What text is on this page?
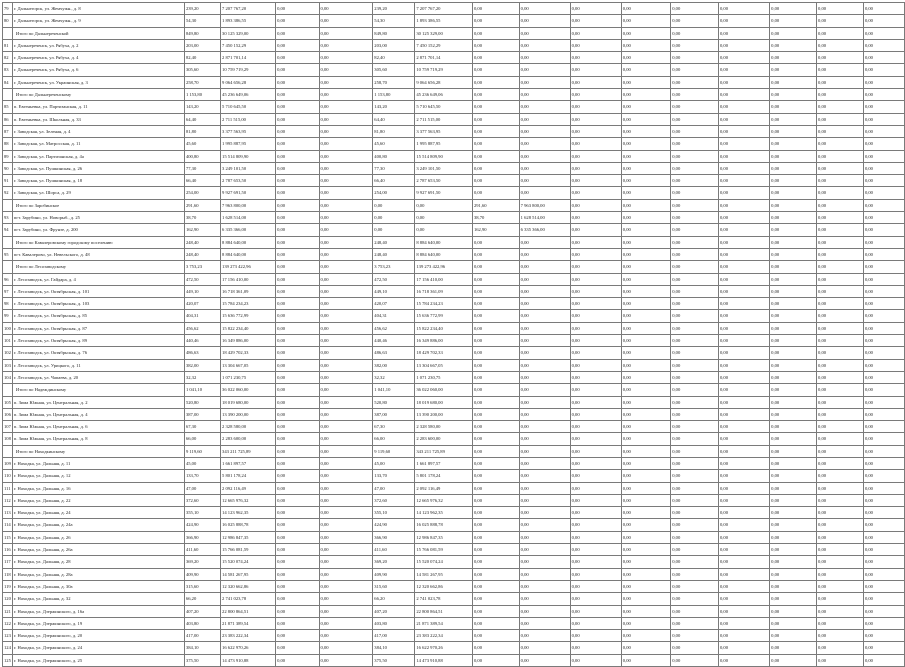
79	г. Дальнегорск, ул. Жемчужн., д. 8	239,20	7 207 767,20	0,00	0,00	239,20	7 207 767,20	0,00	0,00	0,00	0,00	0,00	0,00	0,00	0,00	0,00
80	г. Дальнегорск, ул. Жемчужн., д. 9	54,30	1 893 386,55	0,00	0,00	54,30	1 893 386,55	0,00	0,00	0,00	0,00	0,00	0,00	0,00	0,00	0,00
	Итого по Дальнереченской	849,80	30 125 329,00	0,00	0,00	849,80	30 125 329,00	0,00	0,00	0,00	0,00	0,00	0,00	0,00	0,00	0,00
81	г. Дальнереченск, ул. Рябуха, д. 2	203,00	7 450 152,29	0,00	0,00	203,00	7 450 152,29	0,00	0,00	0,00	0,00	0,00	0,00	0,00	0,00	0,00
82	г. Дальнереченск, ул. Рябуха, д. 4	82,40	2 871 701,14	0,00	0,00	82,40	2 871 701,14	0,00	0,00	0,00	0,00	0,00	0,00	0,00	0,00	0,00
83	г. Дальнереченск, ул. Рябуха, д. 6	305,60	10 759 719,29	0,00	0,00	305,60	10 759 719,29	0,00	0,00	0,00	0,00	0,00	0,00	0,00	0,00	0,00
84	г. Дальнереченск, ул. Украинская, д. 3	258,70	9 064 656,28	0,00	0,00	258,70	9 064 656,28	0,00	0,00	0,00	0,00	0,00	0,00	0,00	0,00	0,00
	Итого по Дальнереченскому	1 153,80	45 236 649,06	0,00	0,00	1 153,80	45 236 649,06	0,00	0,00	0,00	0,00	0,00	0,00	0,00	0,00	0,00
85	п. Евгеньевка, ул. Партизанская, д. 11	143,20	5 710 645,50	0,00	0,00	143,20	5 710 645,50	0,00	0,00	0,00	0,00	0,00	0,00	0,00	0,00	0,00
86	п. Евгеньевка, ул. Школьная, д. 33	64,40	2 711 515,00	0,00	0,00	64,40	2 711 515,00	0,00	0,00	0,00	0,00	0,00	0,00	0,00	0,00	0,00
87	г. Заводская, ул. Зеленая, д. 4	81,80	3 377 563,95	0,00	0,00	81,80	3 377 563,95	0,00	0,00	0,00	0,00	0,00	0,00	0,00	0,00	0,00
88	г. Заводская, ул. Матросская, д. 11	45,60	1 995 887,95	0,00	0,00	45,60	1 995 887,95	0,00	0,00	0,00	0,00	0,00	0,00	0,00	0,00	0,00
89	г. Заводская, ул. Партизанская, д. 4а	400,80	15 514 809,90	0,00	0,00	400,80	15 514 809,90	0,00	0,00	0,00	0,00	0,00	0,00	0,00	0,00	0,00
90	г. Заводская, ул. Пушкинская, д. 26	77,30	3 249 101,50	0,00	0,00	77,30	3 249 101,50	0,00	0,00	0,00	0,00	0,00	0,00	0,00	0,00	0,00
91	г. Заводская, ул. Пушкинская, д. 18	66,40	2 787 653,50	0,00	0,00	66,40	2 787 653,50	0,00	0,00	0,00	0,00	0,00	0,00	0,00	0,00	0,00
92	г. Заводская, ул. Шорса, д. 29	254,00	9 927 691,50	0,00	0,00	254,00	9 927 691,50	0,00	0,00	0,00	0,00	0,00	0,00	0,00	0,00	0,00
	Итого по Заробинское	291,60	7 963 800,00	0,00	0,00	0,00	0,00	291,60	7 963 800,00	0,00	0,00	0,00	0,00	0,00	0,00	0,00
93	пгт. Зарубино, ул. Новорыб., д. 25	38,70	1 628 514,00	0,00	0,00	0,00	0,00	38,70	1 628 514,00	0,00	0,00	0,00	0,00	0,00	0,00	0,00
94	пгт. Зарубино, ул. Фрунзе, д. 200	162,90	6 335 366,00	0,00	0,00	0,00	0,00	162,90	6 335 366,00	0,00	0,00	0,00	0,00	0,00	0,00	0,00
	Итого по Кавалеровскому городскому поселению	248,40	8 884 640,00	0,00	0,00	248,40	8 884 640,00	0,00	0,00	0,00	0,00	0,00	0,00	0,00	0,00	0,00
95	пгт. Кавалерово, ул. Невельского, д. 48	248,40	8 884 640,00	0,00	0,00	248,40	8 884 640,00	0,00	0,00	0,00	0,00	0,00	0,00	0,00	0,00	0,00
	Итого по Лесозаводскому	3 753,23	139 273 422,96	0,00	0,00	3 753,23	139 273 422,96	0,00	0,00	0,00	0,00	0,00	0,00	0,00	0,00	0,00
96	г. Лесозаводск, ул. Гайдара, д. 4	472,50	17 156 410,00	0,00	0,00	472,50	17 156 410,00	0,00	0,00	0,00	0,00	0,00	0,00	0,00	0,00	0,00
97	г. Лесозаводск, ул. Октябрьская, д. 101	449,10	16 718 361,09	0,00	0,00	449,10	16 718 361,09	0,00	0,00	0,00	0,00	0,00	0,00	0,00	0,00	0,00
98	г. Лесозаводск, ул. Октябрьская, д. 103	420,07	15 784 234,23	0,00	0,00	420,07	15 784 234,23	0,00	0,00	0,00	0,00	0,00	0,00	0,00	0,00	0,00
99	г. Лесозаводск, ул. Октябрьская, д. 85	404,31	15 636 772,99	0,00	0,00	404,31	15 636 772,99	0,00	0,00	0,00	0,00	0,00	0,00	0,00	0,00	0,00
100	г. Лесозаводск, ул. Октябрьская, д. 87	456,62	15 822 234,40	0,00	0,00	456,62	15 822 234,40	0,00	0,00	0,00	0,00	0,00	0,00	0,00	0,00	0,00
101	г. Лесозаводск, ул. Октябрьская, д. 89	440,46	16 349 886,00	0,00	0,00	440,46	16 349 886,00	0,00	0,00	0,00	0,00	0,00	0,00	0,00	0,00	0,00
102	г. Лесозаводск, ул. Октябрьская, д. 76	486,63	18 429 702,33	0,00	0,00	486,63	18 429 702,33	0,00	0,00	0,00	0,00	0,00	0,00	0,00	0,00	0,00
103	г. Лесозаводск, ул. Урицкого, д. 11	382,00	13 304 667,05	0,00	0,00	382,00	13 304 667,05	0,00	0,00	0,00	0,00	0,00	0,00	0,00	0,00	0,00
104	г. Лесозаводск, ул. Чапаева, д. 20	32,32	1 071 230,75	0,00	0,00	32,32	1 071 230,75	0,00	0,00	0,00	0,00	0,00	0,00	0,00	0,00	0,00
	Итого по Надеждинскому	1 041,10	36 022 060,00	0,00	0,00	1 041,10	36 022 060,00	0,00	0,00	0,00	0,00	0,00	0,00	0,00	0,00	0,00
105	п. Зима Южная, ул. Центральная, д. 2	520,80	18 019 680,00	0,00	0,00	520,80	18 019 680,00	0,00	0,00	0,00	0,00	0,00	0,00	0,00	0,00	0,00
106	п. Зима Южная, ул. Центральная, д. 4	387,00	13 390 200,00	0,00	0,00	387,00	13 390 200,00	0,00	0,00	0,00	0,00	0,00	0,00	0,00	0,00	0,00
107	п. Зима Южная, ул. Центральная, д. 6	67,30	2 328 580,00	0,00	0,00	67,30	2 328 580,00	0,00	0,00	0,00	0,00	0,00	0,00	0,00	0,00	0,00
108	п. Зима Южная, ул. Центральная, д. 8	66,00	2 283 600,00	0,00	0,00	66,00	2 283 600,00	0,00	0,00	0,00	0,00	0,00	0,00	0,00	0,00	0,00
	Итого по Находкинскому	9 119,60	343 211 725,89	0,00	0,00	9 119,60	343 211 725,89	0,00	0,00	0,00	0,00	0,00	0,00	0,00	0,00	0,00
109	г. Находка, ул. Дальняя, д. 11	45,00	1 661 897,57	0,00	0,00	45,00	1 661 897,57	0,00	0,00	0,00	0,00	0,00	0,00	0,00	0,00	0,00
110	г. Находка, ул. Дальняя, д. 12	133,70	5 801 178,24	0,00	0,00	133,70	5 801 178,24	0,00	0,00	0,00	0,00	0,00	0,00	0,00	0,00	0,00
111	г. Находка, ул. Дальняя, д. 16	47,00	2 092 116,49	0,00	0,00	47,00	2 092 116,49	0,00	0,00	0,00	0,00	0,00	0,00	0,00	0,00	0,00
112	г. Находка, ул. Дальняя, д. 22	372,60	12 665 976,32	0,00	0,00	372,60	12 665 976,32	0,00	0,00	0,00	0,00	0,00	0,00	0,00	0,00	0,00
113	г. Находка, ул. Дальняя, д. 24	355,10	14 123 962,35	0,00	0,00	355,10	14 123 962,35	0,00	0,00	0,00	0,00	0,00	0,00	0,00	0,00	0,00
114	г. Находка, ул. Дальняя, д. 24а	424,90	16 025 888,78	0,00	0,00	424,90	16 025 888,78	0,00	0,00	0,00	0,00	0,00	0,00	0,00	0,00	0,00
115	г. Находка, ул. Дальняя, д. 26	366,90	12 986 847,35	0,00	0,00	366,90	12 986 847,35	0,00	0,00	0,00	0,00	0,00	0,00	0,00	0,00	0,00
116	г. Находка, ул. Дальняя, д. 26а	411,60	15 766 081,59	0,00	0,00	411,60	15 766 081,59	0,00	0,00	0,00	0,00	0,00	0,00	0,00	0,00	0,00
117	г. Находка, ул. Дальняя, д. 28	369,20	15 520 074,24	0,00	0,00	369,20	15 520 074,24	0,00	0,00	0,00	0,00	0,00	0,00	0,00	0,00	0,00
118	г. Находка, ул. Дальняя, д. 28а	409,90	14 581 267,95	0,00	0,00	409,90	14 581 267,95	0,00	0,00	0,00	0,00	0,00	0,00	0,00	0,00	0,00
119	г. Находка, ул. Дальняя, д. 30а	315,60	12 320 662,86	0,00	0,00	315,60	12 320 662,86	0,00	0,00	0,00	0,00	0,00	0,00	0,00	0,00	0,00
120	г. Находка, ул. Дальняя, д. 32	66,20	2 741 023,78	0,00	0,00	66,20	2 741 023,78	0,00	0,00	0,00	0,00	0,00	0,00	0,00	0,00	0,00
121	г. Находка, ул. Дзержинского, д. 16а	407,20	22 800 864,51	0,00	0,00	407,20	22 800 864,51	0,00	0,00	0,00	0,00	0,00	0,00	0,00	0,00	0,00
122	г. Находка, ул. Дзержинского, д. 19	403,80	21 871 389,54	0,00	0,00	403,80	21 871 389,54	0,00	0,00	0,00	0,00	0,00	0,00	0,00	0,00	0,00
123	г. Находка, ул. Дзержинского, д. 20	417,00	23 383 222,34	0,00	0,00	417,00	23 383 222,34	0,00	0,00	0,00	0,00	0,00	0,00	0,00	0,00	0,00
124	г. Находка, ул. Дзержинского, д. 24	384,10	16 622 970,26	0,00	0,00	384,10	16 622 970,26	0,00	0,00	0,00	0,00	0,00	0,00	0,00	0,00	0,00
125	г. Находка, ул. Дзержинского, д. 25	375,50	14 473 910,88	0,00	0,00	375,50	14 473 910,88	0,00	0,00	0,00	0,00	0,00	0,00	0,00	0,00	0,00
